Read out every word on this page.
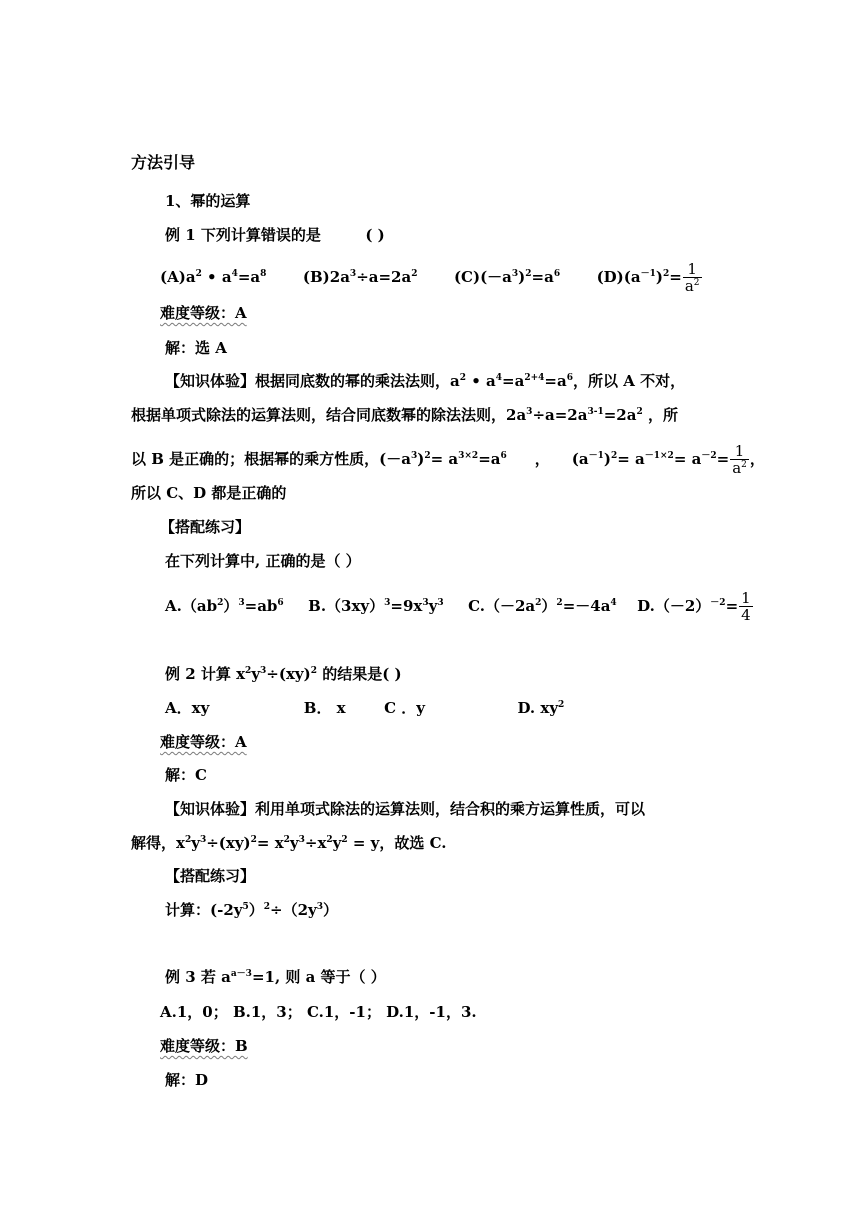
方法引导
1、幂的运算
例 1 下列计算错误的是	( )
$(A)a^2$ • $a^4=a^8$ $(B)2a^3\div a=2a^2$ $(C)(-a^3)^2=a^6$ $(D)(a^{-1})^2= \frac{1}{a^2}$
难度等级：A
解：选 A
【知识体验】根据同底数的幂的乘法法则，$a^2$ • $a^4=a^{2+4}=a^6$，所以 A 不对，
根据单项式除法的运算法则，结合同底数幂的除法法则，$2a^3\div a=2a^{3-1}=2a^2$ ，所
以 B 是正确的；根据幂的乘方性质，$(-a^3)^2= a^{3\times 2}=a^6$ ， $(a^{-1})^2= a^{-1\times 2}= a^{-2}= \frac{1}{a^2}$ ，
所以 C、D 都是正确的
【搭配练习】
在下列计算中, 正确的是（ ）
$A.(ab^2)^3=ab^6$ $B.(3xy)^3=9x^3y^3$ $C.(-2a^2)^2=-4a^4$ $D.(-2)^{-2}= \frac{1}{4}$
例 2 计算 $x^2y^3\div(xy)^2$ 的结果是( )
A．xy	B． x	C ．y	D. $xy^2$
难度等级：A
解：C
【知识体验】利用单项式除法的运算法则，结合积的乘方运算性质，可以
解得，$x^2y^3\div(xy)^2= x^2y^3\div x^2y^2 = y$，故选 C.
【搭配练习】
计算：$(-2y^5)^2\div(2y^3)$
例 3 若 $a^{a-3}=1$, 则 a 等于（ ）
A.1，0； B.1，3； C.1，-1； D.1，-1，3.
难度等级：B
解：D
